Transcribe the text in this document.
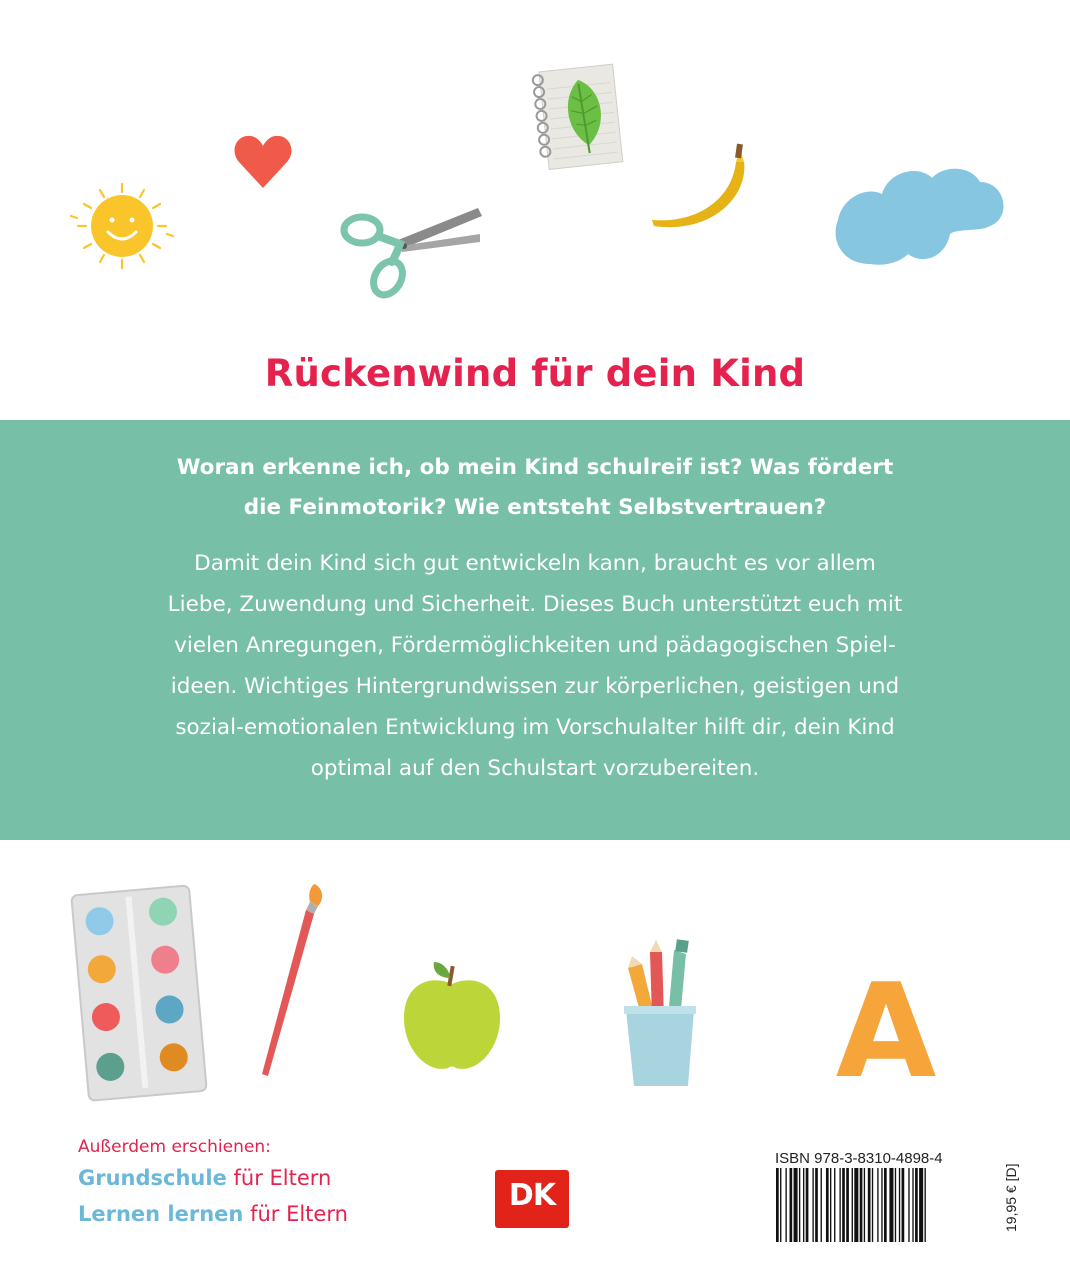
Rückenwind für dein Kind
Woran erkenne ich, ob mein Kind schulreif ist? Was fördert
die Feinmotorik? Wie entsteht Selbstvertrauen?
Damit dein Kind sich gut entwickeln kann, braucht es vor allem
Liebe, Zuwendung und Sicherheit. Dieses Buch unterstützt euch mit
vielen Anregungen, Fördermöglichkeiten und pädagogischen Spiel-
ideen. Wichtiges Hintergrundwissen zur körperlichen, geistigen und
sozial-emotionalen Entwicklung im Vorschulalter hilft dir, dein Kind
optimal auf den Schulstart vorzubereiten.
A
Außerdem erschienen:
Grundschule für Eltern
Lernen lernen für Eltern
DK
ISBN 978-3-8310-4898-4
19,95 € [D]
